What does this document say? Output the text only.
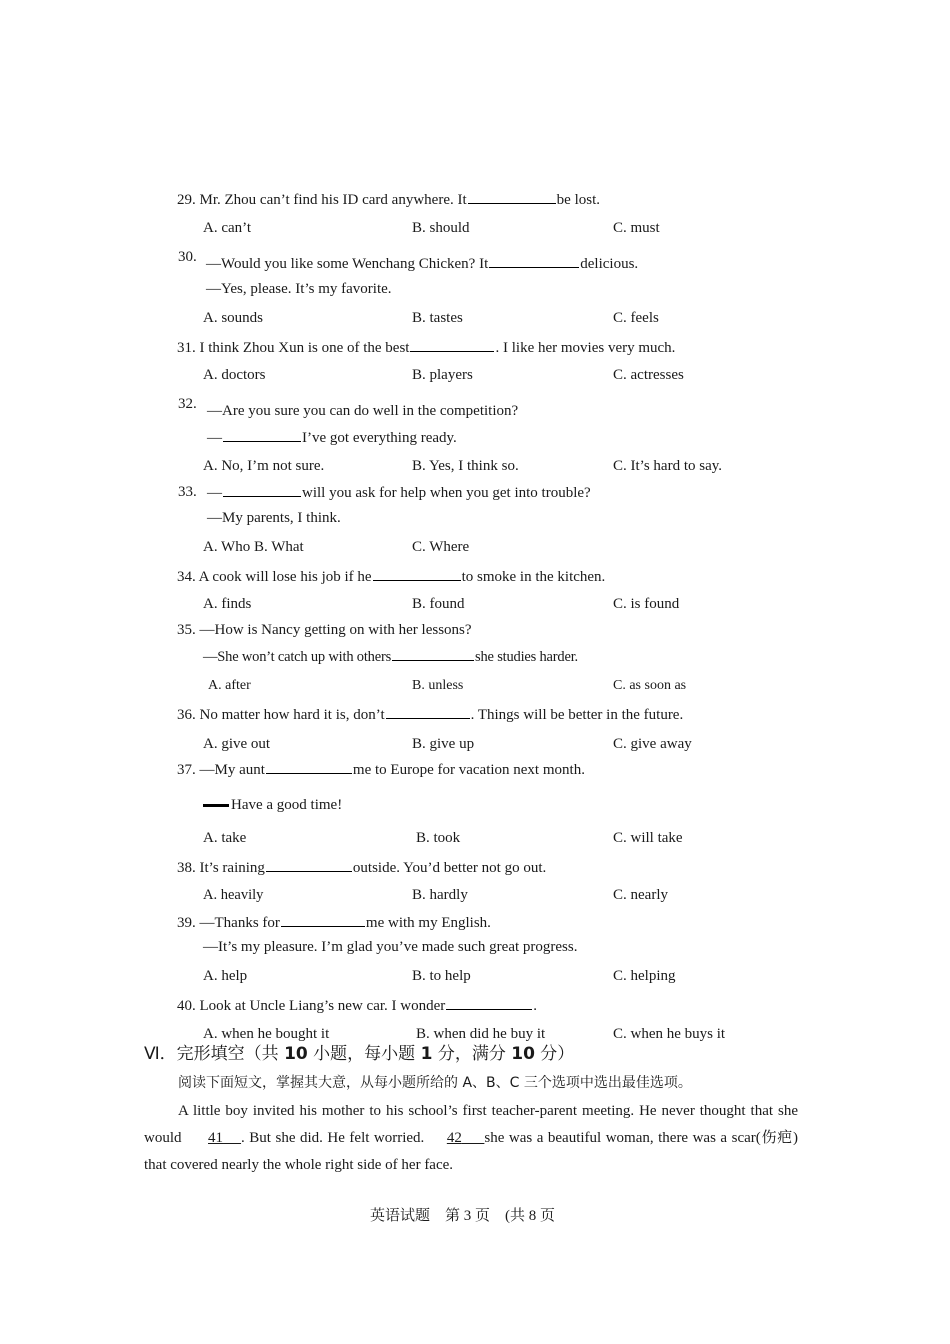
29. Mr. Zhou can’t find his ID card anywhere. It	be lost.
A. can’t	B. should	C. must
30. —Would you like some Wenchang Chicken? It	delicious.
—Yes, please. It’s my favorite.
A. sounds	B. tastes	C. feels
31. I think Zhou Xun is one of the best	. I like her movies very much.
A. doctors	B. players	C. actresses
32. —Are you sure you can do well in the competition?
—	I’ve got everything ready.
A. No, I’m not sure.	B. Yes, I think so.	C. It’s hard to say.
33. —	will you ask for help when you get into trouble?
—My parents, I think.
A. Who B. What	C. Where
34. A cook will lose his job if he	to smoke in the kitchen.
A. finds	B. found	C. is found
35. —How is Nancy getting on with her lessons?
—She won’t catch up with others	she studies harder.
A. after	B. unless	C. as soon as
36. No matter how hard it is, don’t	. Things will be better in the future.
A. give out	B. give up	C. give away
37. —My aunt	me to Europe for vacation next month.
Have a good time!
A. take	B. took	C. will take
38. It’s raining	outside. You’d better not go out.
A. heavily	B. hardly	C. nearly
39. —Thanks for	me with my English.
—It’s my pleasure. I’m glad you’ve made such great progress.
A. help	B. to help	C. helping
40. Look at Uncle Liang’s new car. I wonder	.
A. when he bought it	B. when did he buy it	C. when he buys it
Ⅵ．完形填空（共 10 小题，每小题 1 分，满分 10 分）
阅读下面短文，掌握其大意，从每小题所给的 A、B、C 三个选项中选出最佳选项。
A little boy invited his mother to his school’s first teacher-parent meeting. He never thought that she would 41 . But she did. He felt worried. 42 she was a beautiful woman, there was a scar(伤疤) that covered nearly the whole right side of her face.
英语试题　第 3 页　(共 8 页
